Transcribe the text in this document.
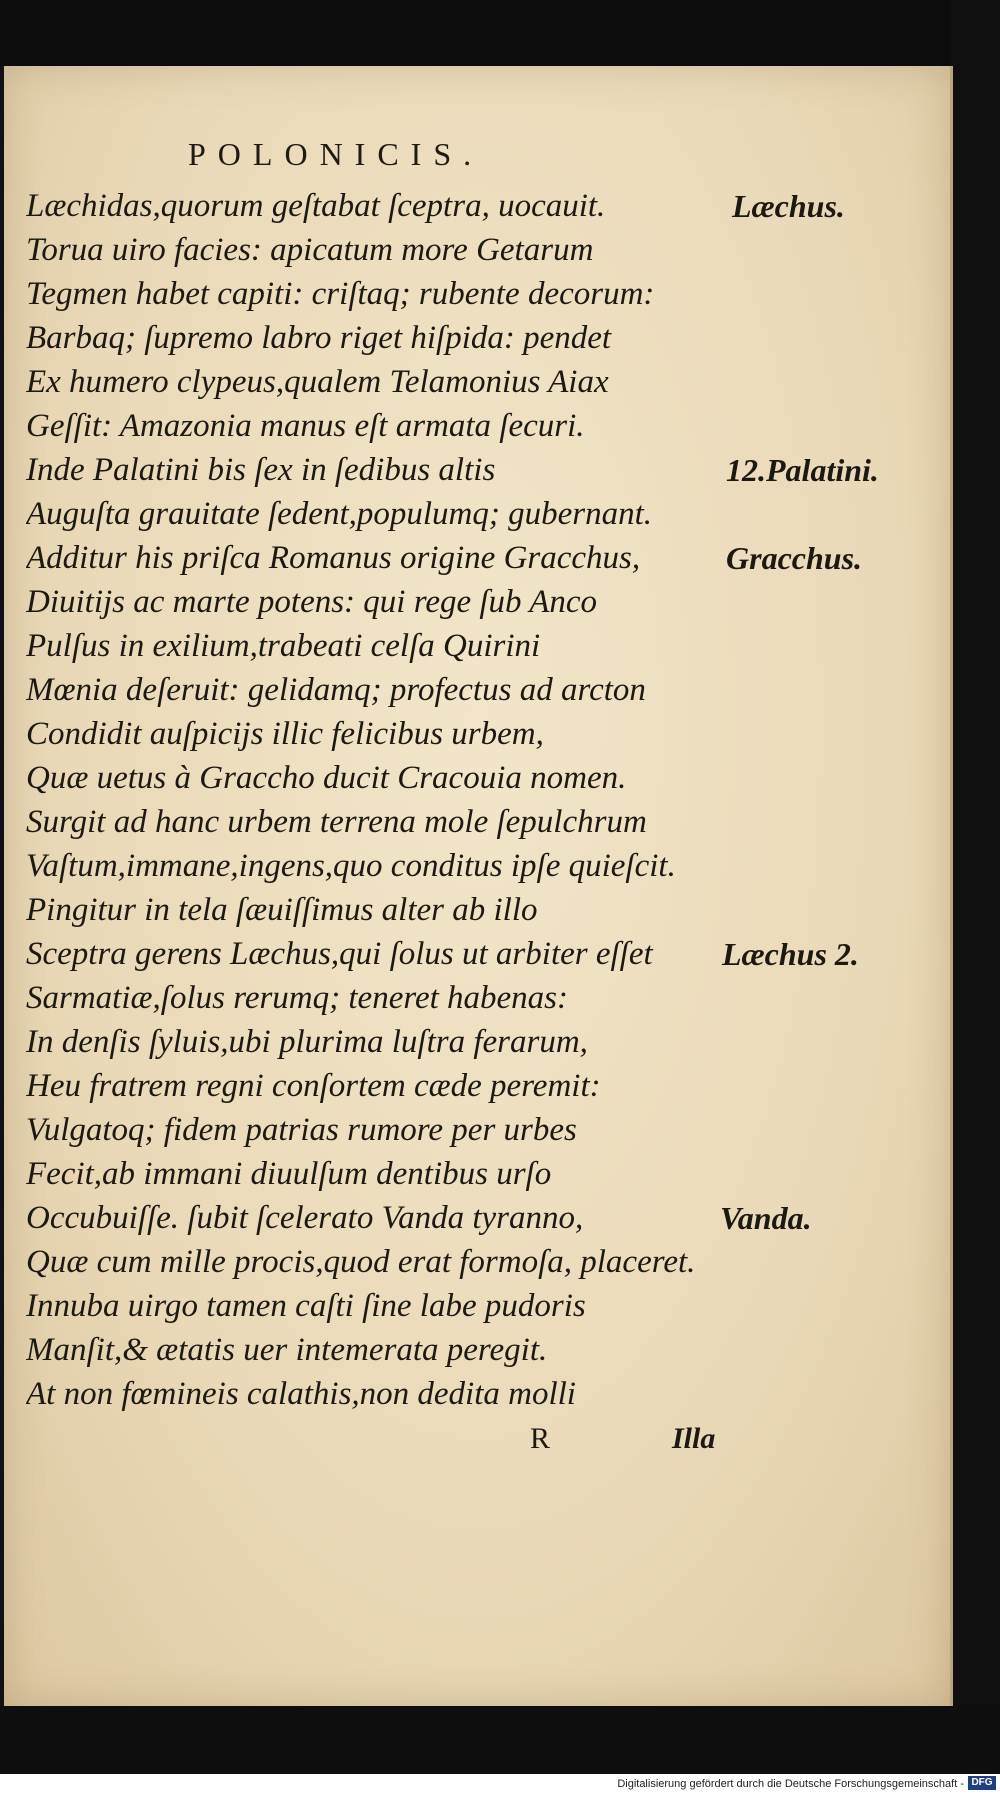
POLONICIS.
Læchidas,quorum geſtabat ſceptra, uocauit.
Torua uiro facies: apicatum more Getarum
Tegmen habet capiti: criſtaq; rubente decorum:
Barbaq; ſupremo labro riget hiſpida: pendet
Ex humero clypeus,qualem Telamonius Aiax
Geſſit: Amazonia manus eſt armata ſecuri.
Inde Palatini bis ſex in ſedibus altis
Auguſta grauitate ſedent,populumq; gubernant.
Additur his priſca Romanus origine Gracchus,
Diuitijs ac marte potens: qui rege ſub Anco
Pulſus in exilium,trabeati celſa Quirini
Mœnia deſeruit: gelidamq; profectus ad arcton
Condidit auſpicijs illic felicibus urbem,
Quæ uetus à Graccho ducit Cracouia nomen.
Surgit ad hanc urbem terrena mole ſepulchrum
Vaſtum,immane,ingens,quo conditus ipſe quieſcit.
Pingitur in tela ſæuiſſimus alter ab illo
Sceptra gerens Læchus,qui ſolus ut arbiter eſſet
Sarmatiæ,ſolus rerumq; teneret habenas:
In denſis ſyluis,ubi plurima luſtra ferarum,
Heu fratrem regni conſortem cæde peremit:
Vulgatoq; fidem patrias rumore per urbes
Fecit,ab immani diuulſum dentibus urſo
Occubuiſſe. ſubit ſcelerato Vanda tyranno,
Quæ cum mille procis,quod erat formoſa, placeret.
Innuba uirgo tamen caſti ſine labe pudoris
Manſit,& ætatis uer intemerata peregit.
At non fœmineis calathis,non dedita molli
Læchus.
12.Palatini.
Gracchus.
Læchus 2.
Vanda.
R	Illa
Digitalisierung gefördert durch die Deutsche Forschungsgemeinschaft - DFG
